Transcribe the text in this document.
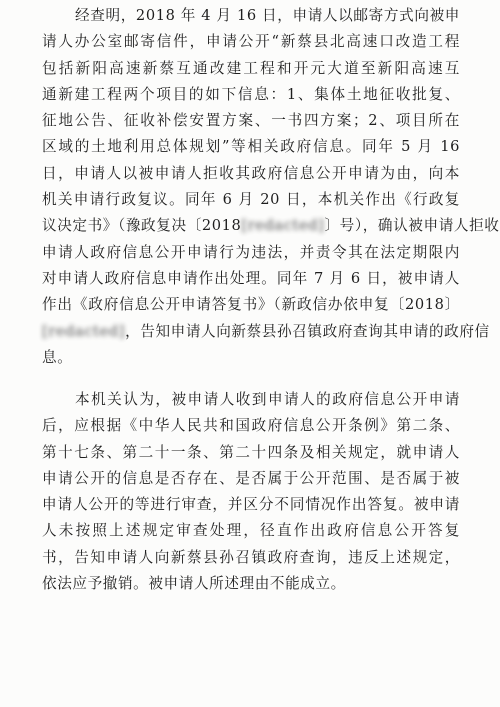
经查明，2018 年 4 月 16 日，申请人以邮寄方式向被申
请人办公室邮寄信件，申请公开“新蔡县北高速口改造工程
包括新阳高速新蔡互通改建工程和开元大道至新阳高速互
通新建工程两个项目的如下信息：1、集体土地征收批复、
征地公告、征收补偿安置方案、一书四方案；2、项目所在
区域的土地利用总体规划”等相关政府信息。同年 5 月 16
日，申请人以被申请人拒收其政府信息公开申请为由，向本
机关申请行政复议。同年 6 月 20 日，本机关作出《行政复
议决定书》（豫政复决〔2018[redacted]〕号），确认被申请人拒收
申请人政府信息公开申请行为违法，并责令其在法定期限内
对申请人政府信息申请作出处理。同年 7 月 6 日，被申请人
作出《政府信息公开申请答复书》（新政信办依申复〔2018〕
[redacted]，告知申请人向新蔡县孙召镇政府查询其申请的政府信
息。
本机关认为，被申请人收到申请人的政府信息公开申请
后，应根据《中华人民共和国政府信息公开条例》第二条、
第十七条、第二十一条、第二十四条及相关规定，就申请人
申请公开的信息是否存在、是否属于公开范围、是否属于被
申请人公开的等进行审查，并区分不同情况作出答复。被申请
人未按照上述规定审查处理，径直作出政府信息公开答复
书，告知申请人向新蔡县孙召镇政府查询，违反上述规定，
依法应予撤销。被申请人所述理由不能成立。
